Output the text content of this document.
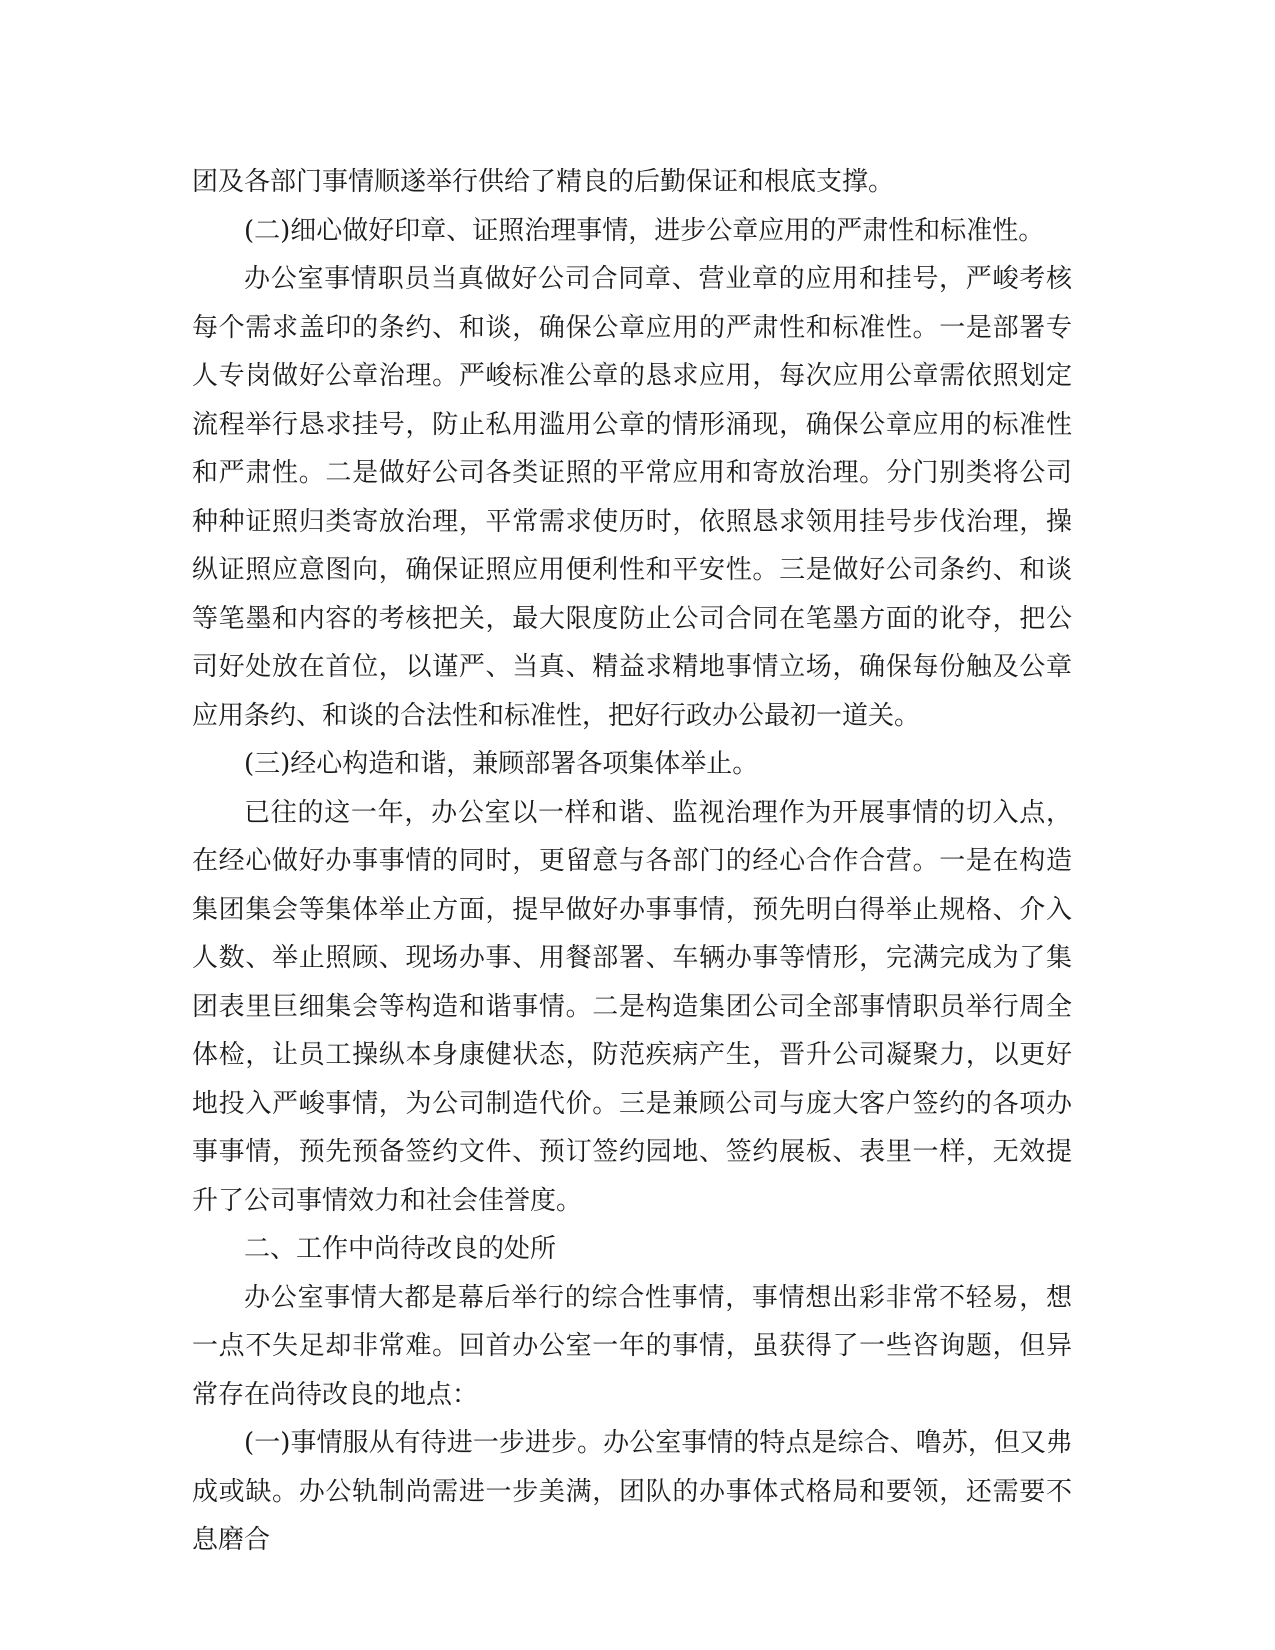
团及各部门事情顺遂举行供给了精良的后勤保证和根底支撑。

(二)细心做好印章、证照治理事情，进步公章应用的严肃性和标准性。

办公室事情职员当真做好公司合同章、营业章的应用和挂号，严峻考核每个需求盖印的条约、和谈，确保公章应用的严肃性和标准性。一是部署专人专岗做好公章治理。严峻标准公章的恳求应用，每次应用公章需依照划定流程举行恳求挂号，防止私用滥用公章的情形涌现，确保公章应用的标准性和严肃性。二是做好公司各类证照的平常应用和寄放治理。分门别类将公司种种证照归类寄放治理，平常需求使历时，依照恳求领用挂号步伐治理，操纵证照应意图向，确保证照应用便利性和平安性。三是做好公司条约、和谈等笔墨和内容的考核把关，最大限度防止公司合同在笔墨方面的讹夺，把公司好处放在首位，以谨严、当真、精益求精地事情立场，确保每份触及公章应用条约、和谈的合法性和标准性，把好行政办公最初一道关。

(三)经心构造和谐，兼顾部署各项集体举止。

已往的这一年，办公室以一样和谐、监视治理作为开展事情的切入点，在经心做好办事事情的同时，更留意与各部门的经心合作合营。一是在构造集团集会等集体举止方面，提早做好办事事情，预先明白得举止规格、介入人数、举止照顾、现场办事、用餐部署、车辆办事等情形，完满完成为了集团表里巨细集会等构造和谐事情。二是构造集团公司全部事情职员举行周全体检，让员工操纵本身康健状态，防范疾病产生，晋升公司凝聚力，以更好地投入严峻事情，为公司制造代价。三是兼顾公司与庞大客户签约的各项办事事情，预先预备签约文件、预订签约园地、签约展板、表里一样，无效提升了公司事情效力和社会佳誉度。

二、工作中尚待改良的处所

办公室事情大都是幕后举行的综合性事情，事情想出彩非常不轻易，想一点不失足却非常难。回首办公室一年的事情，虽获得了一些咨询题，但异常存在尚待改良的地点：

(一)事情服从有待进一步进步。办公室事情的特点是综合、噜苏，但又弗成或缺。办公轨制尚需进一步美满，团队的办事体式格局和要领，还需要不息磨合
